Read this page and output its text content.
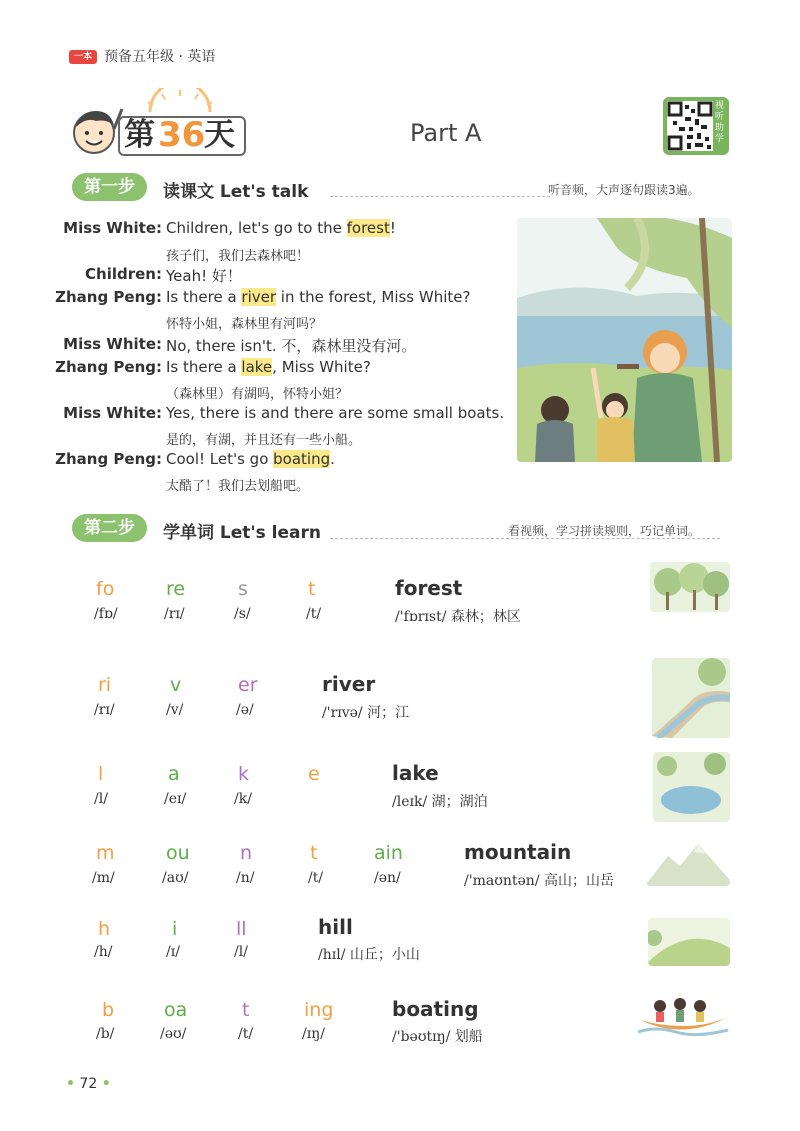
一本 预备五年级 · 英语
第 36
天	Part A
视听助学
第一步	读课文 Let's talk	听音频，大声逐句跟读3遍。
Miss White: Children, let's go to the forest!
孩子们，我们去森林吧！
Children: Yeah! 好！
Zhang Peng: Is there a river in the forest, Miss White?
怀特小姐，森林里有河吗？
Miss White: No, there isn't. 不，森林里没有河。
Zhang Peng: Is there a lake, Miss White?
（森林里）有湖吗，怀特小姐？
Miss White: Yes, there is and there are some small boats.
是的，有湖，并且还有一些小船。
Zhang Peng: Cool! Let's go boating.
太酷了！我们去划船吧。
第二步	学单词 Let's learn	看视频，学习拼读规则，巧记单词。
fo	re	s	t
/fɒ/	/rɪ/	/s/	/t/
forest
/'fɒrɪst/ 森林；林区
ri	v	er
/rɪ/	/v/	/ə/
river
/'rɪvə/ 河；江
l	a	k	e
/l/	/eɪ/	/k/
lake
/leɪk/ 湖；湖泊
m	ou	n	t	ain
/m/	/aʊ/	/n/	/t/	/ən/
mountain
/'maʊntən/ 高山；山岳
h	i	ll
/h/	/ɪ/	/l/
hill
/hɪl/ 山丘；小山
b	oa	t	ing
/b/	/əʊ/	/t/	/ɪŋ/
boating
/'bəʊtɪŋ/ 划船
• 72 •
